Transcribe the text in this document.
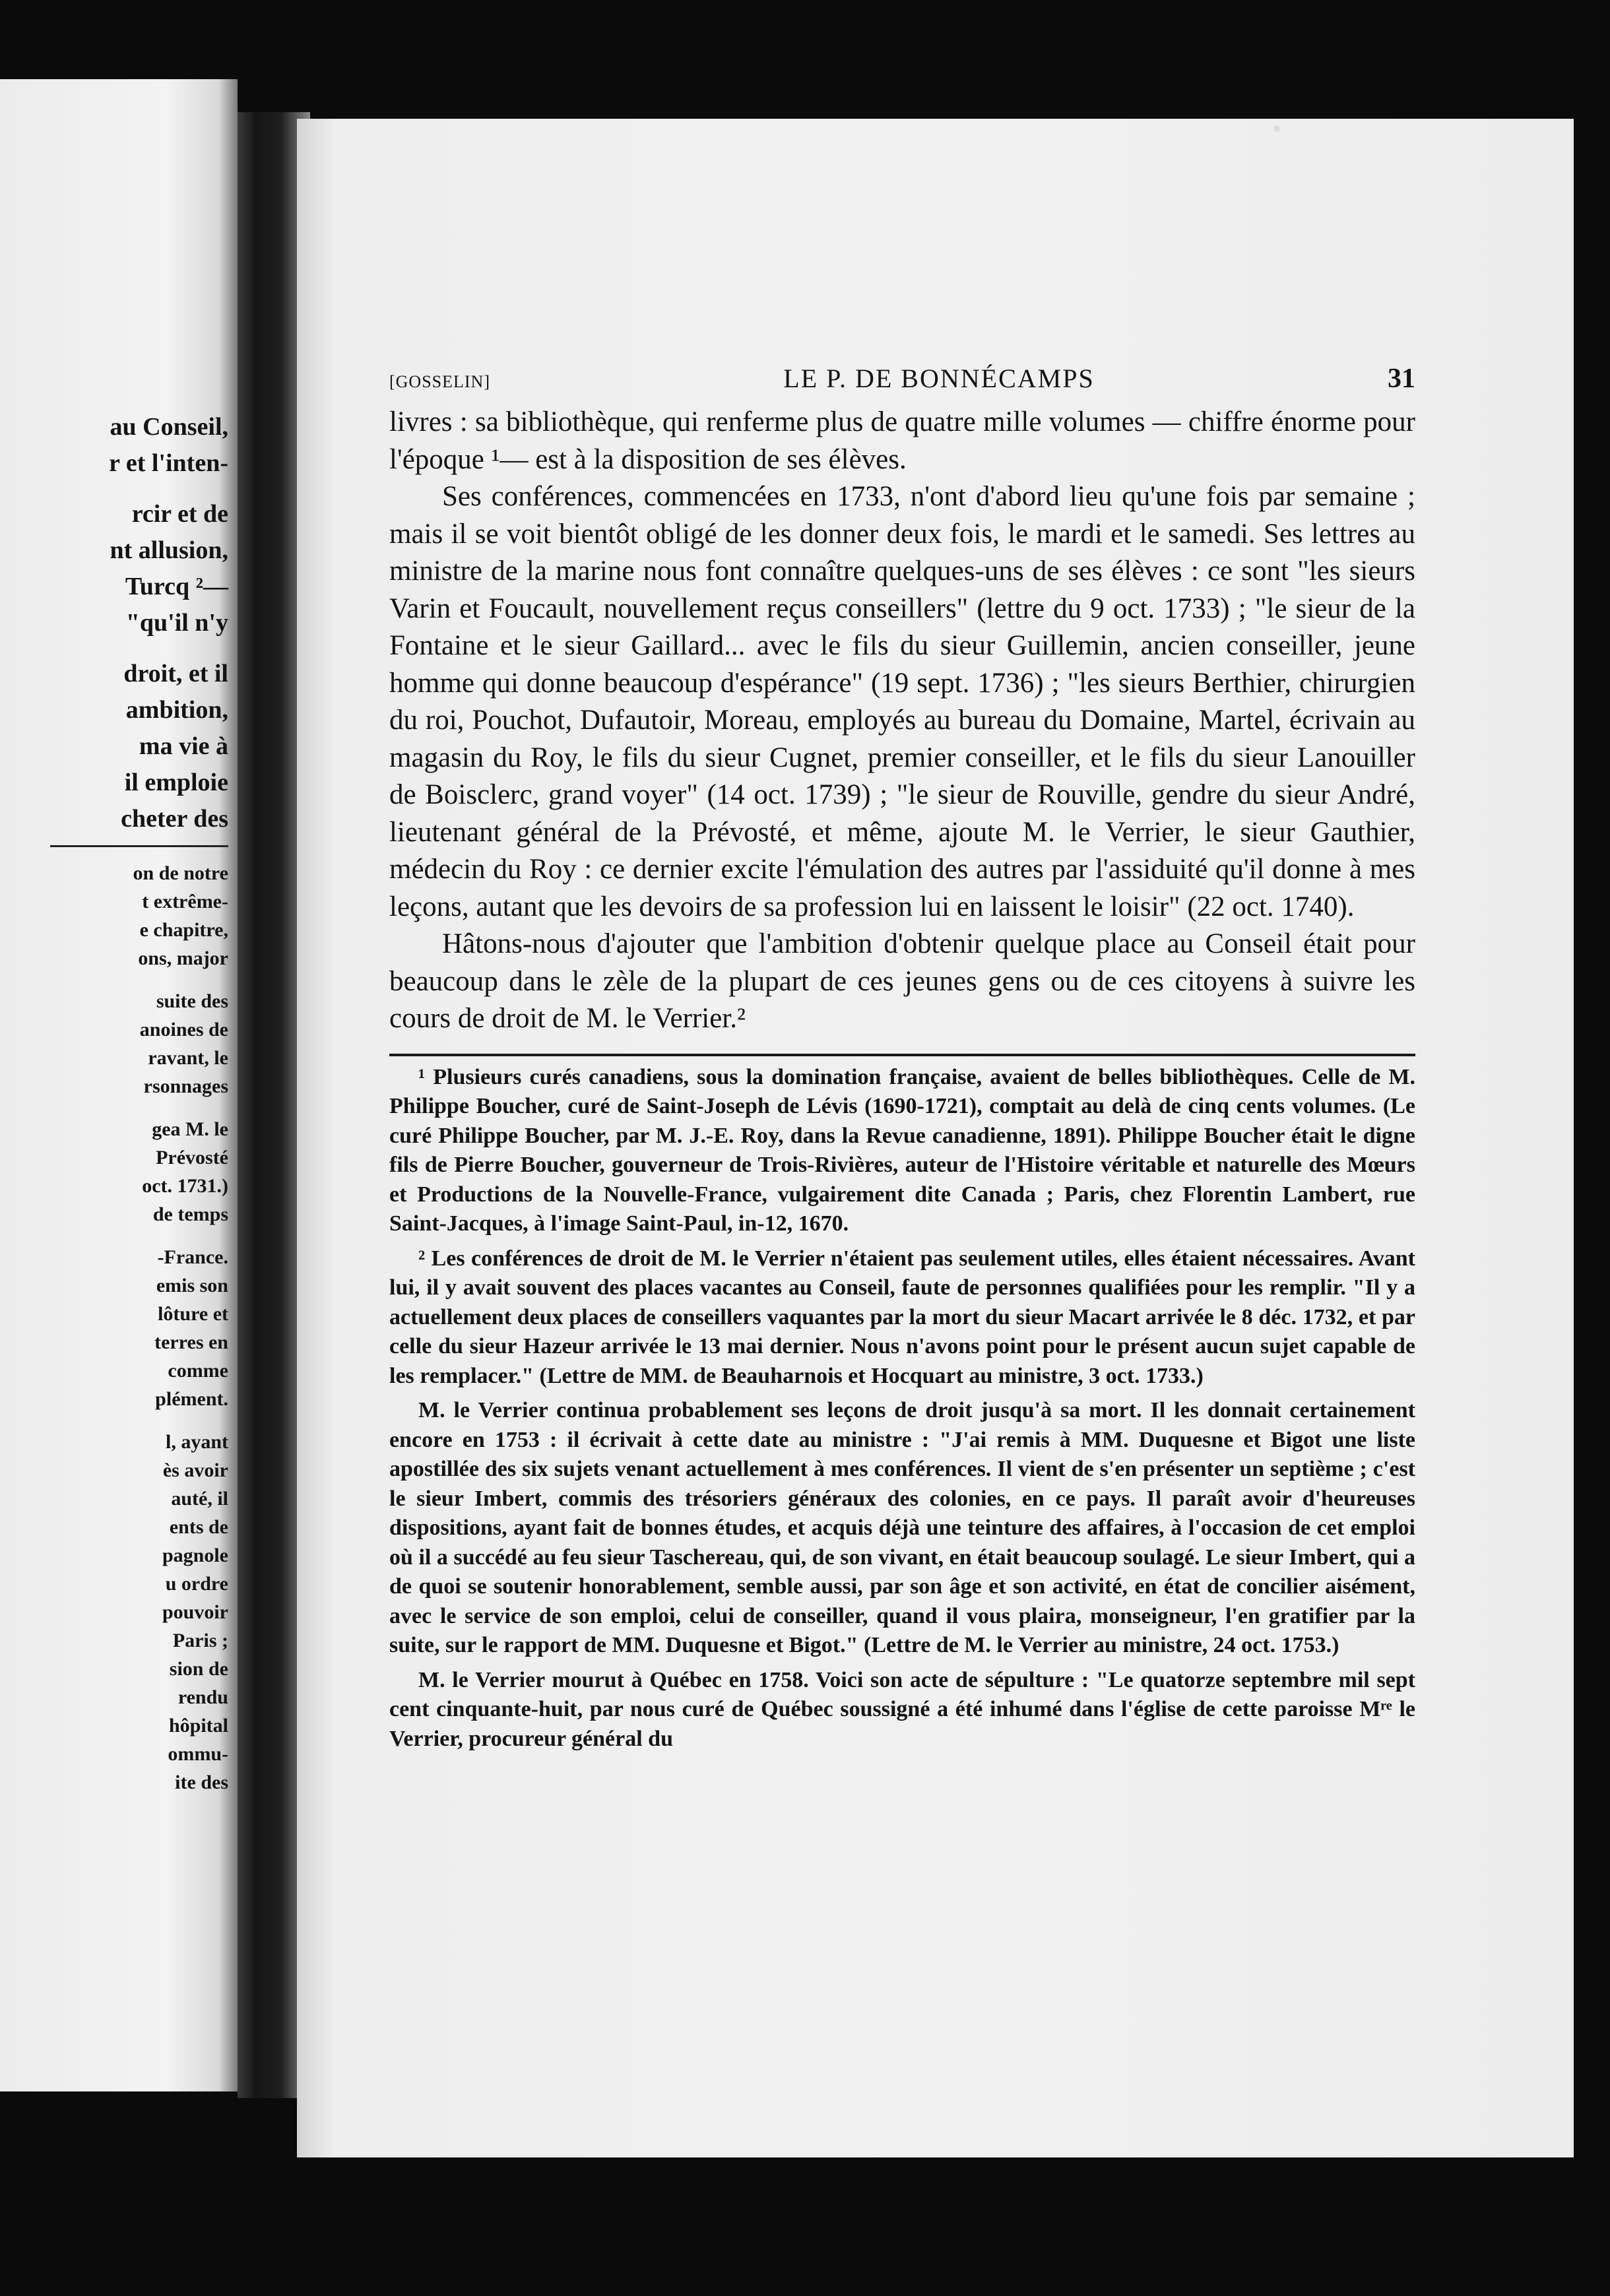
au Conseil,
r et l'inten-
rcir et de
nt allusion,
Turcq ²—
"qu'il n'y
droit, et il
ambition,
ma vie à
il emploie
cheter des
on de notre
t extrême-
e chapitre,
ons, major
suite des
anoines de
ravant, le
rsonnages
gea M. le
Prévosté
oct. 1731.)
de temps
-France.
emis son
lôture et
terres en
comme
plément.
l, ayant
ès avoir
auté, il
ents de
pagnole
u ordre
pouvoir
Paris ;
sion de
rendu
hôpital
ommu-
ite des
[GOSSELIN]	LE P. DE BONNÉCAMPS	31

livres : sa bibliothèque, qui renferme plus de quatre mille volumes — chiffre énorme pour l'époque ¹— est à la disposition de ses élèves.

Ses conférences, commencées en 1733, n'ont d'abord lieu qu'une fois par semaine ; mais il se voit bientôt obligé de les donner deux fois, le mardi et le samedi. Ses lettres au ministre de la marine nous font connaître quelques-uns de ses élèves : ce sont "les sieurs Varin et Foucault, nouvellement reçus conseillers" (lettre du 9 oct. 1733) ; "le sieur de la Fontaine et le sieur Gaillard... avec le fils du sieur Guillemin, ancien conseiller, jeune homme qui donne beaucoup d'espérance" (19 sept. 1736) ; "les sieurs Berthier, chirurgien du roi, Pouchot, Dufautoir, Moreau, employés au bureau du Domaine, Martel, écrivain au magasin du Roy, le fils du sieur Cugnet, premier conseiller, et le fils du sieur Lanouiller de Boisclerc, grand voyer" (14 oct. 1739) ; "le sieur de Rouville, gendre du sieur André, lieutenant général de la Prévosté, et même, ajoute M. le Verrier, le sieur Gauthier, médecin du Roy : ce dernier excite l'émulation des autres par l'assiduité qu'il donne à mes leçons, autant que les devoirs de sa profession lui en laissent le loisir" (22 oct. 1740).

Hâtons-nous d'ajouter que l'ambition d'obtenir quelque place au Conseil était pour beaucoup dans le zèle de la plupart de ces jeunes gens ou de ces citoyens à suivre les cours de droit de M. le Verrier.²

¹ Plusieurs curés canadiens, sous la domination française, avaient de belles bibliothèques. Celle de M. Philippe Boucher, curé de Saint-Joseph de Lévis (1690-1721), comptait au delà de cinq cents volumes. (Le curé Philippe Boucher, par M. J.-E. Roy, dans la Revue canadienne, 1891). Philippe Boucher était le digne fils de Pierre Boucher, gouverneur de Trois-Rivières, auteur de l'Histoire véritable et naturelle des Mœurs et Productions de la Nouvelle-France, vulgairement dite Canada ; Paris, chez Florentin Lambert, rue Saint-Jacques, à l'image Saint-Paul, in-12, 1670.

² Les conférences de droit de M. le Verrier n'étaient pas seulement utiles, elles étaient nécessaires. Avant lui, il y avait souvent des places vacantes au Conseil, faute de personnes qualifiées pour les remplir. "Il y a actuellement deux places de conseillers vaquantes par la mort du sieur Macart arrivée le 8 déc. 1732, et par celle du sieur Hazeur arrivée le 13 mai dernier. Nous n'avons point pour le présent aucun sujet capable de les remplacer." (Lettre de MM. de Beauharnois et Hocquart au ministre, 3 oct. 1733.)

M. le Verrier continua probablement ses leçons de droit jusqu'à sa mort. Il les donnait certainement encore en 1753 : il écrivait à cette date au ministre : "J'ai remis à MM. Duquesne et Bigot une liste apostillée des six sujets venant actuellement à mes conférences. Il vient de s'en présenter un septième ; c'est le sieur Imbert, commis des trésoriers généraux des colonies, en ce pays. Il paraît avoir d'heureuses dispositions, ayant fait de bonnes études, et acquis déjà une teinture des affaires, à l'occasion de cet emploi où il a succédé au feu sieur Taschereau, qui, de son vivant, en était beaucoup soulagé. Le sieur Imbert, qui a de quoi se soutenir honorablement, semble aussi, par son âge et son activité, en état de concilier aisément, avec le service de son emploi, celui de conseiller, quand il vous plaira, monseigneur, l'en gratifier par la suite, sur le rapport de MM. Duquesne et Bigot." (Lettre de M. le Verrier au ministre, 24 oct. 1753.)

M. le Verrier mourut à Québec en 1758. Voici son acte de sépulture : "Le quatorze septembre mil sept cent cinquante-huit, par nous curé de Québec soussigné a été inhumé dans l'église de cette paroisse Mʳᵉ le Verrier, procureur général du
